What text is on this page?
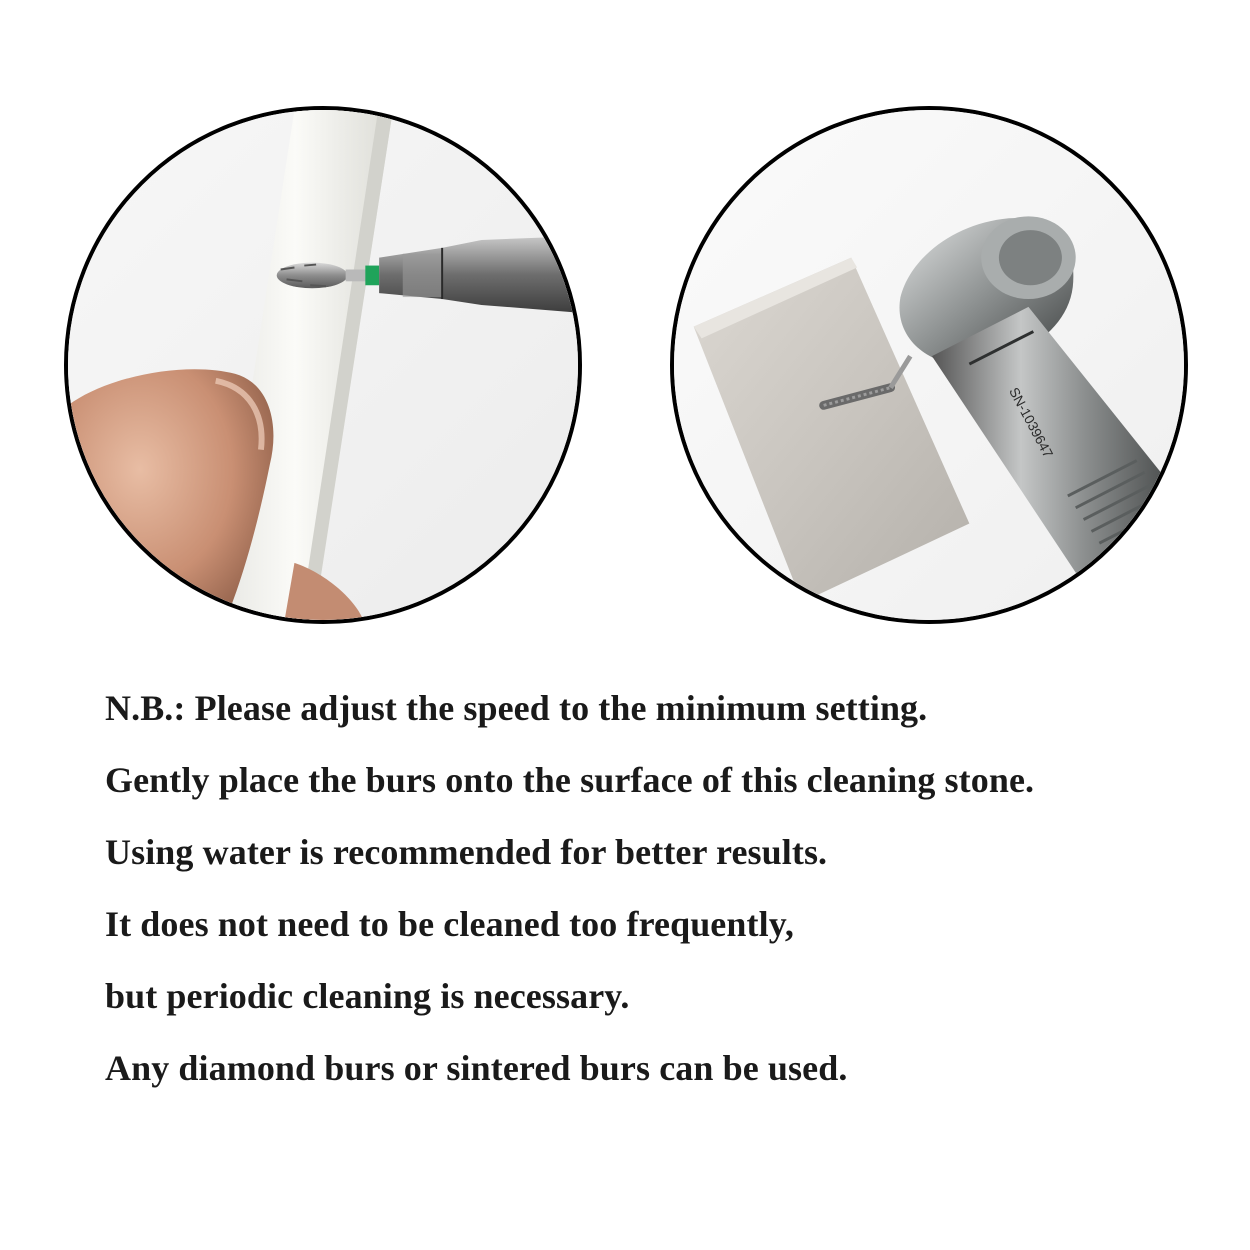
SN-1039647
N.B.: Please adjust the speed to the minimum setting.
Gently place the burs onto the surface of this cleaning stone.
Using water is recommended for better results.
It does not need to be cleaned too frequently,
but periodic cleaning is necessary.
Any diamond burs or sintered burs can be used.
